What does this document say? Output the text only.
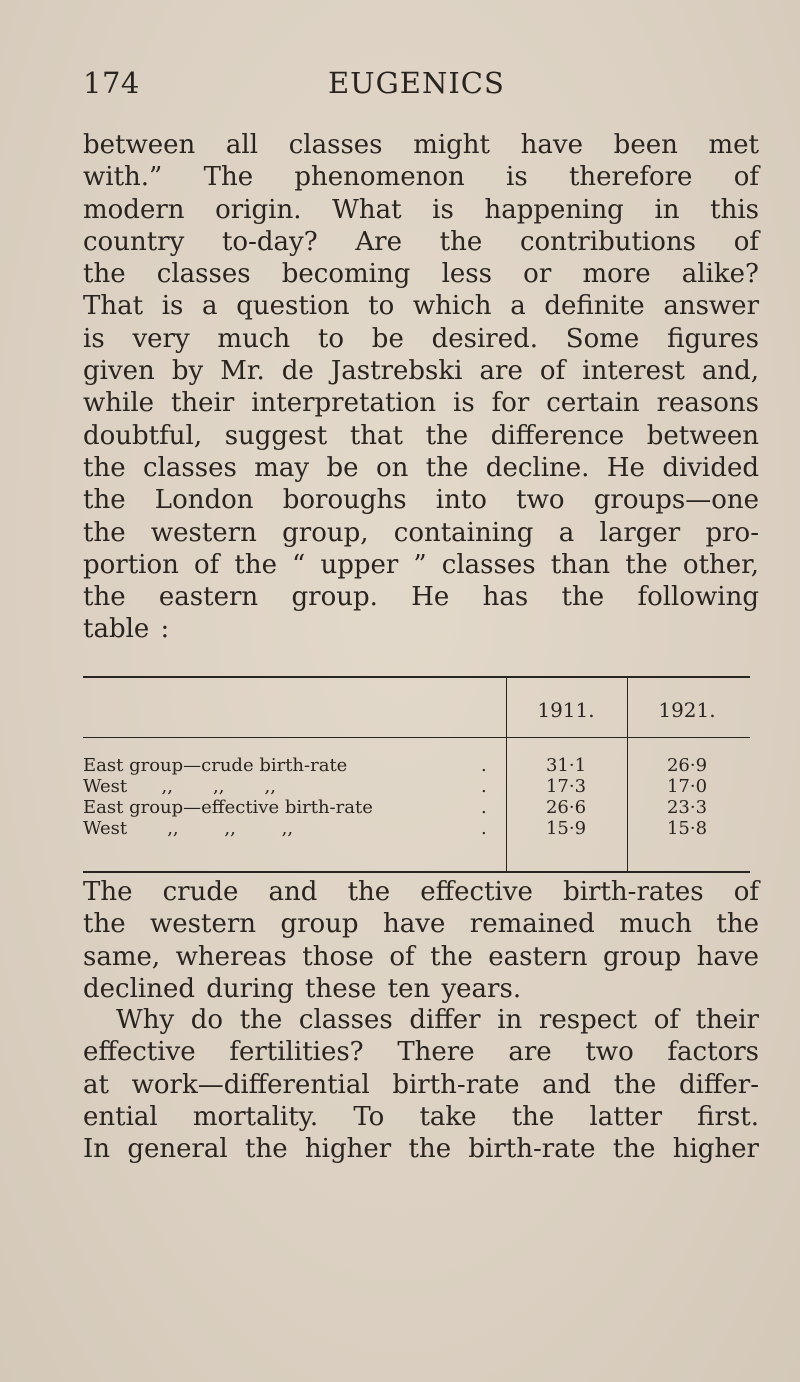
174	EUGENICS

between all classes might have been met
with.” The phenomenon is therefore of
modern origin. What is happening in this
country to-day? Are the contributions of
the classes becoming less or more alike?
That is a question to which a definite answer
is very much to be desired. Some figures
given by Mr. de Jastrebski are of interest and,
while their interpretation is for certain reasons
doubtful, suggest that the difference between
the classes may be on the decline. He divided
the London boroughs into two groups—one
the western group, containing a larger pro-
portion of the “ upper ” classes than the other,
the eastern group. He has the following
table :

1911.	1921.
East group—crude birth-rate	.	31·1	26·9
West      ,,       ,,       ,,	.	17·3	17·0
East group—effective birth-rate	.	26·6	23·3
West       ,,        ,,        ,,	.	15·9	15·8

The crude and the effective birth-rates of
the western group have remained much the
same, whereas those of the eastern group have
declined during these ten years.

Why do the classes differ in respect of their
effective fertilities? There are two factors
at work—differential birth-rate and the differ-
ential mortality. To take the latter first.
In general the higher the birth-rate the higher
